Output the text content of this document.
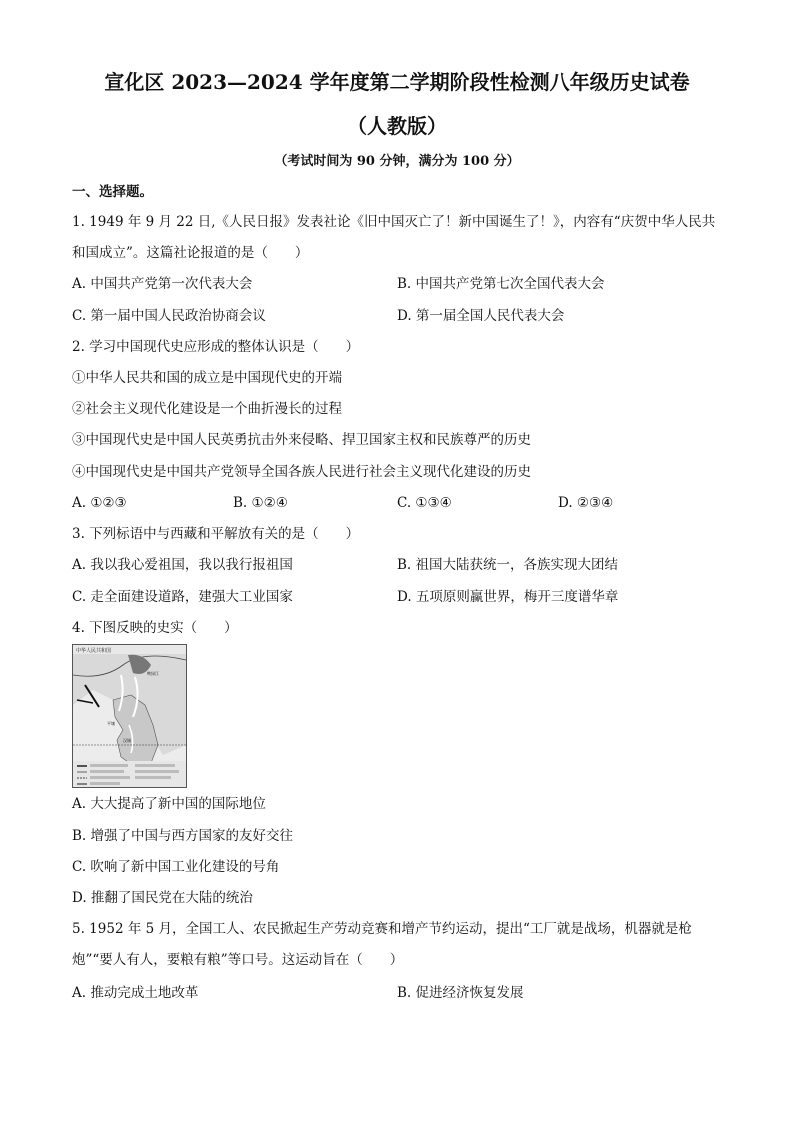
宣化区 2023—2024 学年度第二学期阶段性检测八年级历史试卷
（人教版）
（考试时间为 90 分钟，满分为 100 分）
一、选择题。
1. 1949 年 9 月 22 日,《人民日报》发表社论《旧中国灭亡了！新中国诞生了！》，内容有“庆贺中华人民共
和国成立”。这篇社论报道的是（　　）
A. 中国共产党第一次代表大会	B. 中国共产党第七次全国代表大会
C. 第一届中国人民政治协商会议	D. 第一届全国人民代表大会
2. 学习中国现代史应形成的整体认识是（　　）
①中华人民共和国的成立是中国现代史的开端
②社会主义现代化建设是一个曲折漫长的过程
③中国现代史是中国人民英勇抗击外来侵略、捍卫国家主权和民族尊严的历史
④中国现代史是中国共产党领导全国各族人民进行社会主义现代化建设的历史
A. ①②③	B. ①②④	C. ①③④	D. ②③④
3. 下列标语中与西藏和平解放有关的是（　　）
A. 我以我心爱祖国，我以我行报祖国	B. 祖国大陆获统一，各族实现大团结
C. 走全面建设道路，建强大工业国家	D. 五项原则赢世界，梅开三度谱华章
4. 下图反映的史实（　　）
中华人民共和国
鸭绿江
平壤
汉城
A. 大大提高了新中国的国际地位
B. 增强了中国与西方国家的友好交往
C. 吹响了新中国工业化建设的号角
D. 推翻了国民党在大陆的统治
5. 1952 年 5 月，全国工人、农民掀起生产劳动竞赛和增产节约运动，提出“工厂就是战场，机器就是枪
炮”“要人有人，要粮有粮”等口号。这运动旨在（　　）
A. 推动完成土地改革	B. 促进经济恢复发展
